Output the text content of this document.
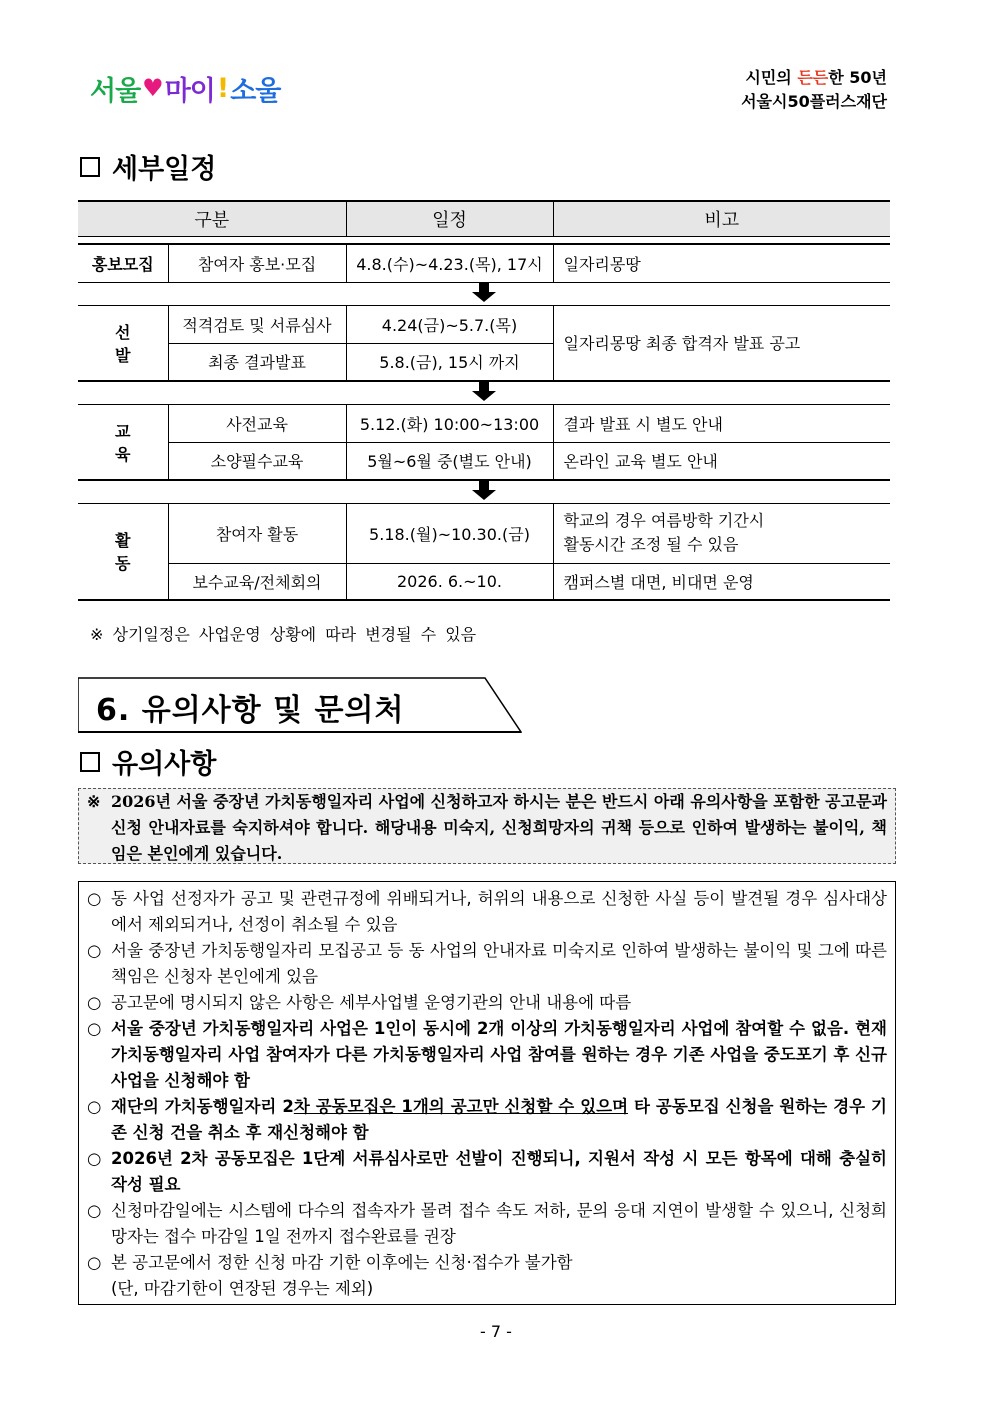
서울 ♥ 마이 ! 소울	시민의 든든한 50년
서울시50플러스재단
세부일정
구분		일정	비고

홍보모집	참여자 홍보·모집	4.8.(수)~4.23.(목), 17시	일자리몽땅

선발	적격검토 및 서류심사	4.24(금)~5.7.(목)	일자리몽땅 최종 합격자 발표 공고
	최종 결과발표	5.8.(금), 15시 까지	

교육	사전교육	5.12.(화) 10:00~13:00	결과 발표 시 별도 안내
	소양필수교육	5월~6월 중(별도 안내)	온라인 교육 별도 안내

활동	참여자 활동	5.18.(월)~10.30.(금)	학교의 경우 여름방학 기간시
활동시간 조정 될 수 있음

	보수교육/전체회의	2026. 6.~10.	캠퍼스별 대면, 비대면 운영
※ 상기일정은 사업운영 상황에 따라 변경될 수 있음
6. 유의사항 및 문의처
유의사항
※ 2026년 서울 중장년 가치동행일자리 사업에 신청하고자 하시는 분은 반드시 아래 유의사항을 포함한 공고문과 신청 안내자료를 숙지하셔야 합니다. 해당내용 미숙지, 신청희망자의 귀책 등으로 인하여 발생하는 불이익, 책임은 본인에게 있습니다.
○ 동 사업 선정자가 공고 및 관련규정에 위배되거나, 허위의 내용으로 신청한 사실 등이 발견될 경우 심사대상에서 제외되거나, 선정이 취소될 수 있음
○ 서울 중장년 가치동행일자리 모집공고 등 동 사업의 안내자료 미숙지로 인하여 발생하는 불이익 및 그에 따른 책임은 신청자 본인에게 있음
○ 공고문에 명시되지 않은 사항은 세부사업별 운영기관의 안내 내용에 따름
○ 서울 중장년 가치동행일자리 사업은 1인이 동시에 2개 이상의 가치동행일자리 사업에 참여할 수 없음. 현재 가치동행일자리 사업 참여자가 다른 가치동행일자리 사업 참여를 원하는 경우 기존 사업을 중도포기 후 신규 사업을 신청해야 함
○ 재단의 가치동행일자리 2차 공동모집은 1개의 공고만 신청할 수 있으며 타 공동모집 신청을 원하는 경우 기존 신청 건을 취소 후 재신청해야 함
○ 2026년 2차 공동모집은 1단계 서류심사로만 선발이 진행되니, 지원서 작성 시 모든 항목에 대해 충실히 작성 필요
○ 신청마감일에는 시스템에 다수의 접속자가 몰려 접수 속도 저하, 문의 응대 지연이 발생할 수 있으니, 신청희망자는 접수 마감일 1일 전까지 접수완료를 권장
○ 본 공고문에서 정한 신청 마감 기한 이후에는 신청·접수가 불가함
(단, 마감기한이 연장된 경우는 제외)
- 7 -
